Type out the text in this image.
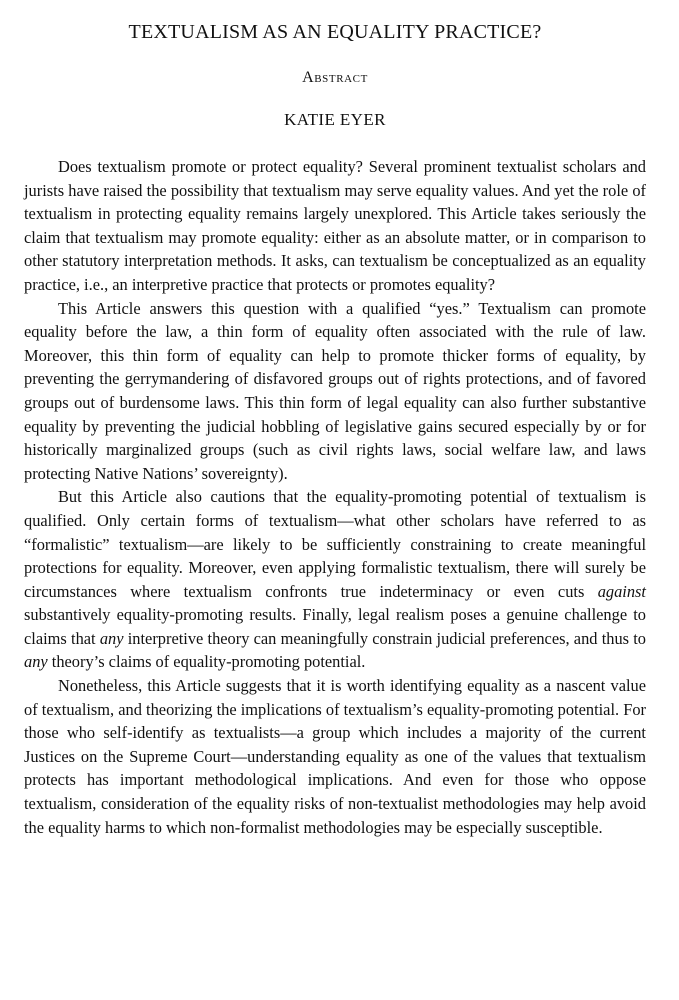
TEXTUALISM AS AN EQUALITY PRACTICE?
Abstract
KATIE EYER

Does textualism promote or protect equality? Several prominent textualist scholars and jurists have raised the possibility that textualism may serve equality values. And yet the role of textualism in protecting equality remains largely unexplored. This Article takes seriously the claim that textualism may promote equality: either as an absolute matter, or in comparison to other statutory interpretation methods. It asks, can textualism be conceptualized as an equality practice, i.e., an interpretive practice that protects or promotes equality?

This Article answers this question with a qualified “yes.” Textualism can promote equality before the law, a thin form of equality often associated with the rule of law. Moreover, this thin form of equality can help to promote thicker forms of equality, by preventing the gerrymandering of disfavored groups out of rights protections, and of favored groups out of burdensome laws. This thin form of legal equality can also further substantive equality by preventing the judicial hobbling of legislative gains secured especially by or for historically marginalized groups (such as civil rights laws, social welfare law, and laws protecting Native Nations’ sovereignty).

But this Article also cautions that the equality-promoting potential of textualism is qualified. Only certain forms of textualism—what other scholars have referred to as “formalistic” textualism—are likely to be sufficiently constraining to create meaningful protections for equality. Moreover, even applying formalistic textualism, there will surely be circumstances where textualism confronts true indeterminacy or even cuts against substantively equality-promoting results. Finally, legal realism poses a genuine challenge to claims that any interpretive theory can meaningfully constrain judicial preferences, and thus to any theory’s claims of equality-promoting potential.

Nonetheless, this Article suggests that it is worth identifying equality as a nascent value of textualism, and theorizing the implications of textualism’s equality-promoting potential. For those who self-identify as textualists—a group which includes a majority of the current Justices on the Supreme Court—understanding equality as one of the values that textualism protects has important methodological implications. And even for those who oppose textualism, consideration of the equality risks of non-textualist methodologies may help avoid the equality harms to which non-formalist methodologies may be especially susceptible.
